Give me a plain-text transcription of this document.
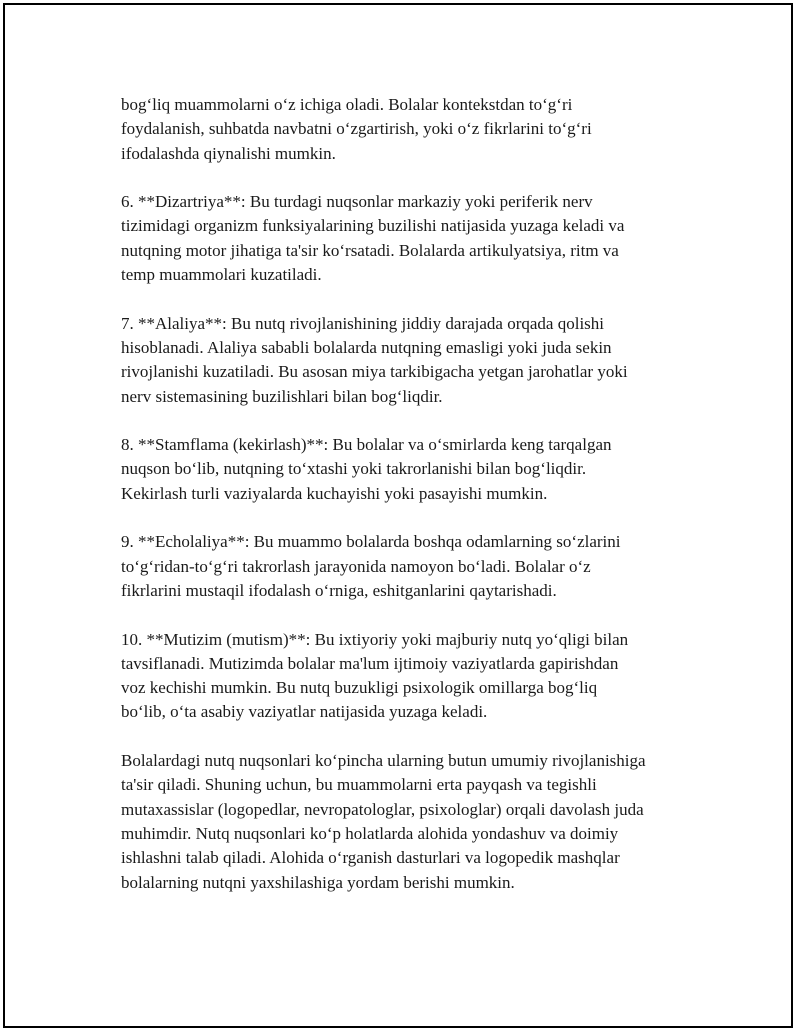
bog‘liq muammolarni o‘z ichiga oladi. Bolalar kontekstdan to‘g‘ri
foydalanish, suhbatda navbatni o‘zgartirish, yoki o‘z fikrlarini to‘g‘ri
ifodalashda qiynalishi mumkin.

6. **Dizartriya**: Bu turdagi nuqsonlar markaziy yoki periferik nerv
tizimidagi organizm funksiyalarining buzilishi natijasida yuzaga keladi va
nutqning motor jihatiga ta'sir ko‘rsatadi. Bolalarda artikulyatsiya, ritm va
temp muammolari kuzatiladi.

7. **Alaliya**: Bu nutq rivojlanishining jiddiy darajada orqada qolishi
hisoblanadi. Alaliya sababli bolalarda nutqning emasligi yoki juda sekin
rivojlanishi kuzatiladi. Bu asosan miya tarkibigacha yetgan jarohatlar yoki
nerv sistemasining buzilishlari bilan bog‘liqdir.

8. **Stamflama (kekirlash)**: Bu bolalar va o‘smirlarda keng tarqalgan
nuqson bo‘lib, nutqning to‘xtashi yoki takrorlanishi bilan bog‘liqdir.
Kekirlash turli vaziyalarda kuchayishi yoki pasayishi mumkin.

9. **Echolaliya**: Bu muammo bolalarda boshqa odamlarning so‘zlarini
to‘g‘ridan-to‘g‘ri takrorlash jarayonida namoyon bo‘ladi. Bolalar o‘z
fikrlarini mustaqil ifodalash o‘rniga, eshitganlarini qaytarishadi.

10. **Mutizim (mutism)**: Bu ixtiyoriy yoki majburiy nutq yo‘qligi bilan
tavsiflanadi. Mutizimda bolalar ma'lum ijtimoiy vaziyatlarda gapirishdan
voz kechishi mumkin. Bu nutq buzukligi psixologik omillarga bog‘liq
bo‘lib, o‘ta asabiy vaziyatlar natijasida yuzaga keladi.

Bolalardagi nutq nuqsonlari ko‘pincha ularning butun umumiy rivojlanishiga
ta'sir qiladi. Shuning uchun, bu muammolarni erta payqash va tegishli
mutaxassislar (logopedlar, nevropatologlar, psixologlar) orqali davolash juda
muhimdir. Nutq nuqsonlari ko‘p holatlarda alohida yondashuv va doimiy
ishlashni talab qiladi. Alohida o‘rganish dasturlari va logopedik mashqlar
bolalarning nutqni yaxshilashiga yordam berishi mumkin.
